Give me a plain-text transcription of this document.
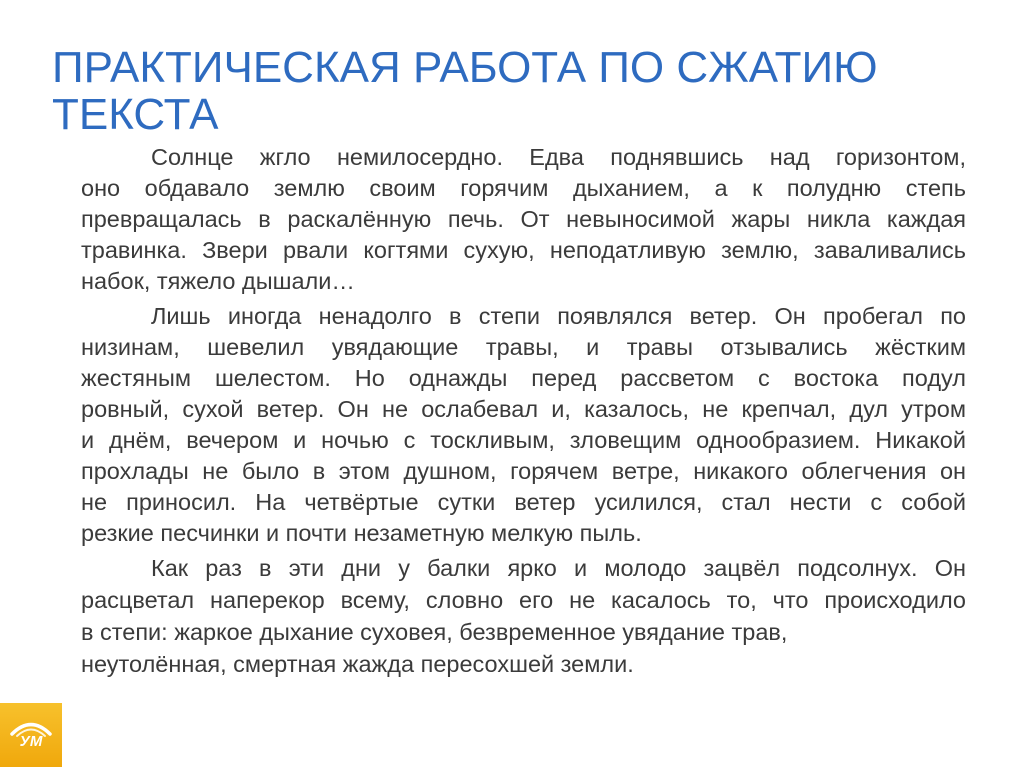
ПРАКТИЧЕСКАЯ РАБОТА ПО СЖАТИЮ
ТЕКСТА
Солнце жгло немилосердно. Едва поднявшись над горизонтом,
оно обдавало землю своим горячим дыханием, а к полудню степь
превращалась в раскалённую печь. От невыносимой жары никла каждая
травинка. Звери рвали когтями сухую, неподатливую землю, заваливались
набок, тяжело дышали…
Лишь иногда ненадолго в степи появлялся ветер. Он пробегал по
низинам, шевелил увядающие травы, и травы отзывались жёстким
жестяным шелестом. Но однажды перед рассветом с востока подул
ровный, сухой ветер. Он не ослабевал и, казалось, не крепчал, дул утром
и днём, вечером и ночью с тоскливым, зловещим однообразием. Никакой
прохлады не было в этом душном, горячем ветре, никакого облегчения он
не приносил. На четвёртые сутки ветер усилился, стал нести с собой
резкие песчинки и почти незаметную мелкую пыль.
Как раз в эти дни у балки ярко и молодо зацвёл подсолнух. Он
расцветал наперекор всему, словно его не касалось то, что происходило
в степи: жаркое дыхание суховея, безвременное увядание трав,
неутолённая, смертная жажда пересохшей земли.
УМ
